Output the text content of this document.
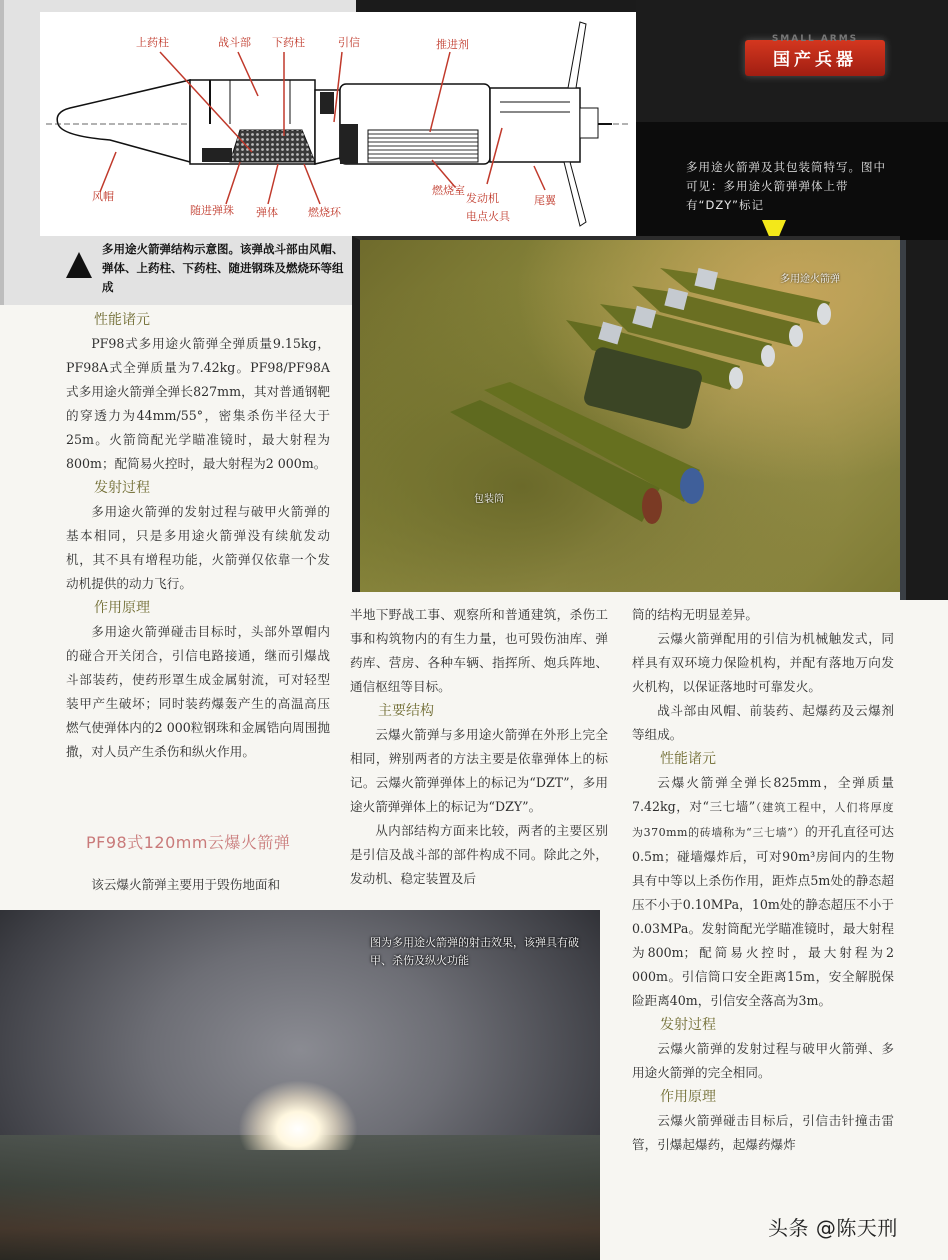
SMALL ARMS
国产兵器
上药柱	战斗部 下药柱	引信	推进剂
风帽
随进弹珠 弹体	燃烧环
燃烧室
发动机
电点火具
尾翼
多用途火箭弹结构示意图。该弹战斗部由风帽、弹体、上药柱、下药柱、随进钢珠及燃烧环等组成
多用途火箭弹及其包装筒特写。图中可见：多用途火箭弹弹体上带有“DZY”标记
多用途火箭弹
包装筒
性能诸元

PF98式多用途火箭弹全弹质量9.15kg，PF98A式全弹质量为7.42kg。PF98/PF98A式多用途火箭弹全弹长827mm，其对普通钢靶的穿透力为44mm/55°，密集杀伤半径大于25m。火箭筒配光学瞄准镜时，最大射程为800m；配简易火控时，最大射程为2 000m。

发射过程

多用途火箭弹的发射过程与破甲火箭弹的基本相同，只是多用途火箭弹没有续航发动机，其不具有增程功能，火箭弹仅依靠一个发动机提供的动力飞行。

作用原理

多用途火箭弹碰击目标时，头部外罩帽内的碰合开关闭合，引信电路接通，继而引爆战斗部装药，使药形罩生成金属射流，可对轻型装甲产生破坏；同时装药爆轰产生的高温高压燃气使弹体内的2 000粒钢珠和金属锆向周围抛撒，对人员产生杀伤和纵火作用。

PF98式120mm云爆火箭弹
该云爆火箭弹主要用于毁伤地面和

半地下野战工事、观察所和普通建筑，杀伤工事和构筑物内的有生力量，也可毁伤油库、弹药库、营房、各种车辆、指挥所、炮兵阵地、通信枢纽等目标。

主要结构

云爆火箭弹与多用途火箭弹在外形上完全相同，辨别两者的方法主要是依靠弹体上的标记。云爆火箭弹弹体上的标记为“DZT”，多用途火箭弹弹体上的标记为“DZY”。

从内部结构方面来比较，两者的主要区别是引信及战斗部的部件构成不同。除此之外，发动机、稳定装置及后

筒的结构无明显差异。

云爆火箭弹配用的引信为机械触发式，同样具有双环境力保险机构，并配有落地万向发火机构，以保证落地时可靠发火。

战斗部由风帽、前装药、起爆药及云爆剂等组成。

性能诸元

云爆火箭弹全弹长825mm，全弹质量7.42kg，对“三七墙”（建筑工程中，人们将厚度为370mm的砖墙称为“三七墙”）的开孔直径可达0.5m；碰墙爆炸后，可对90m³房间内的生物具有中等以上杀伤作用，距炸点5m处的静态超压不小于0.10MPa，10m处的静态超压不小于0.03MPa。发射筒配光学瞄准镜时，最大射程为800m；配简易火控时，最大射程为2 000m。引信筒口安全距离15m，安全解脱保险距离40m，引信安全落高为3m。

发射过程

云爆火箭弹的发射过程与破甲火箭弹、多用途火箭弹的完全相同。

作用原理

云爆火箭弹碰击目标后，引信击针撞击雷管，引爆起爆药，起爆药爆炸

图为多用途火箭弹的射击效果，该弹具有破甲、杀伤及纵火功能
头条 @陈天刑
